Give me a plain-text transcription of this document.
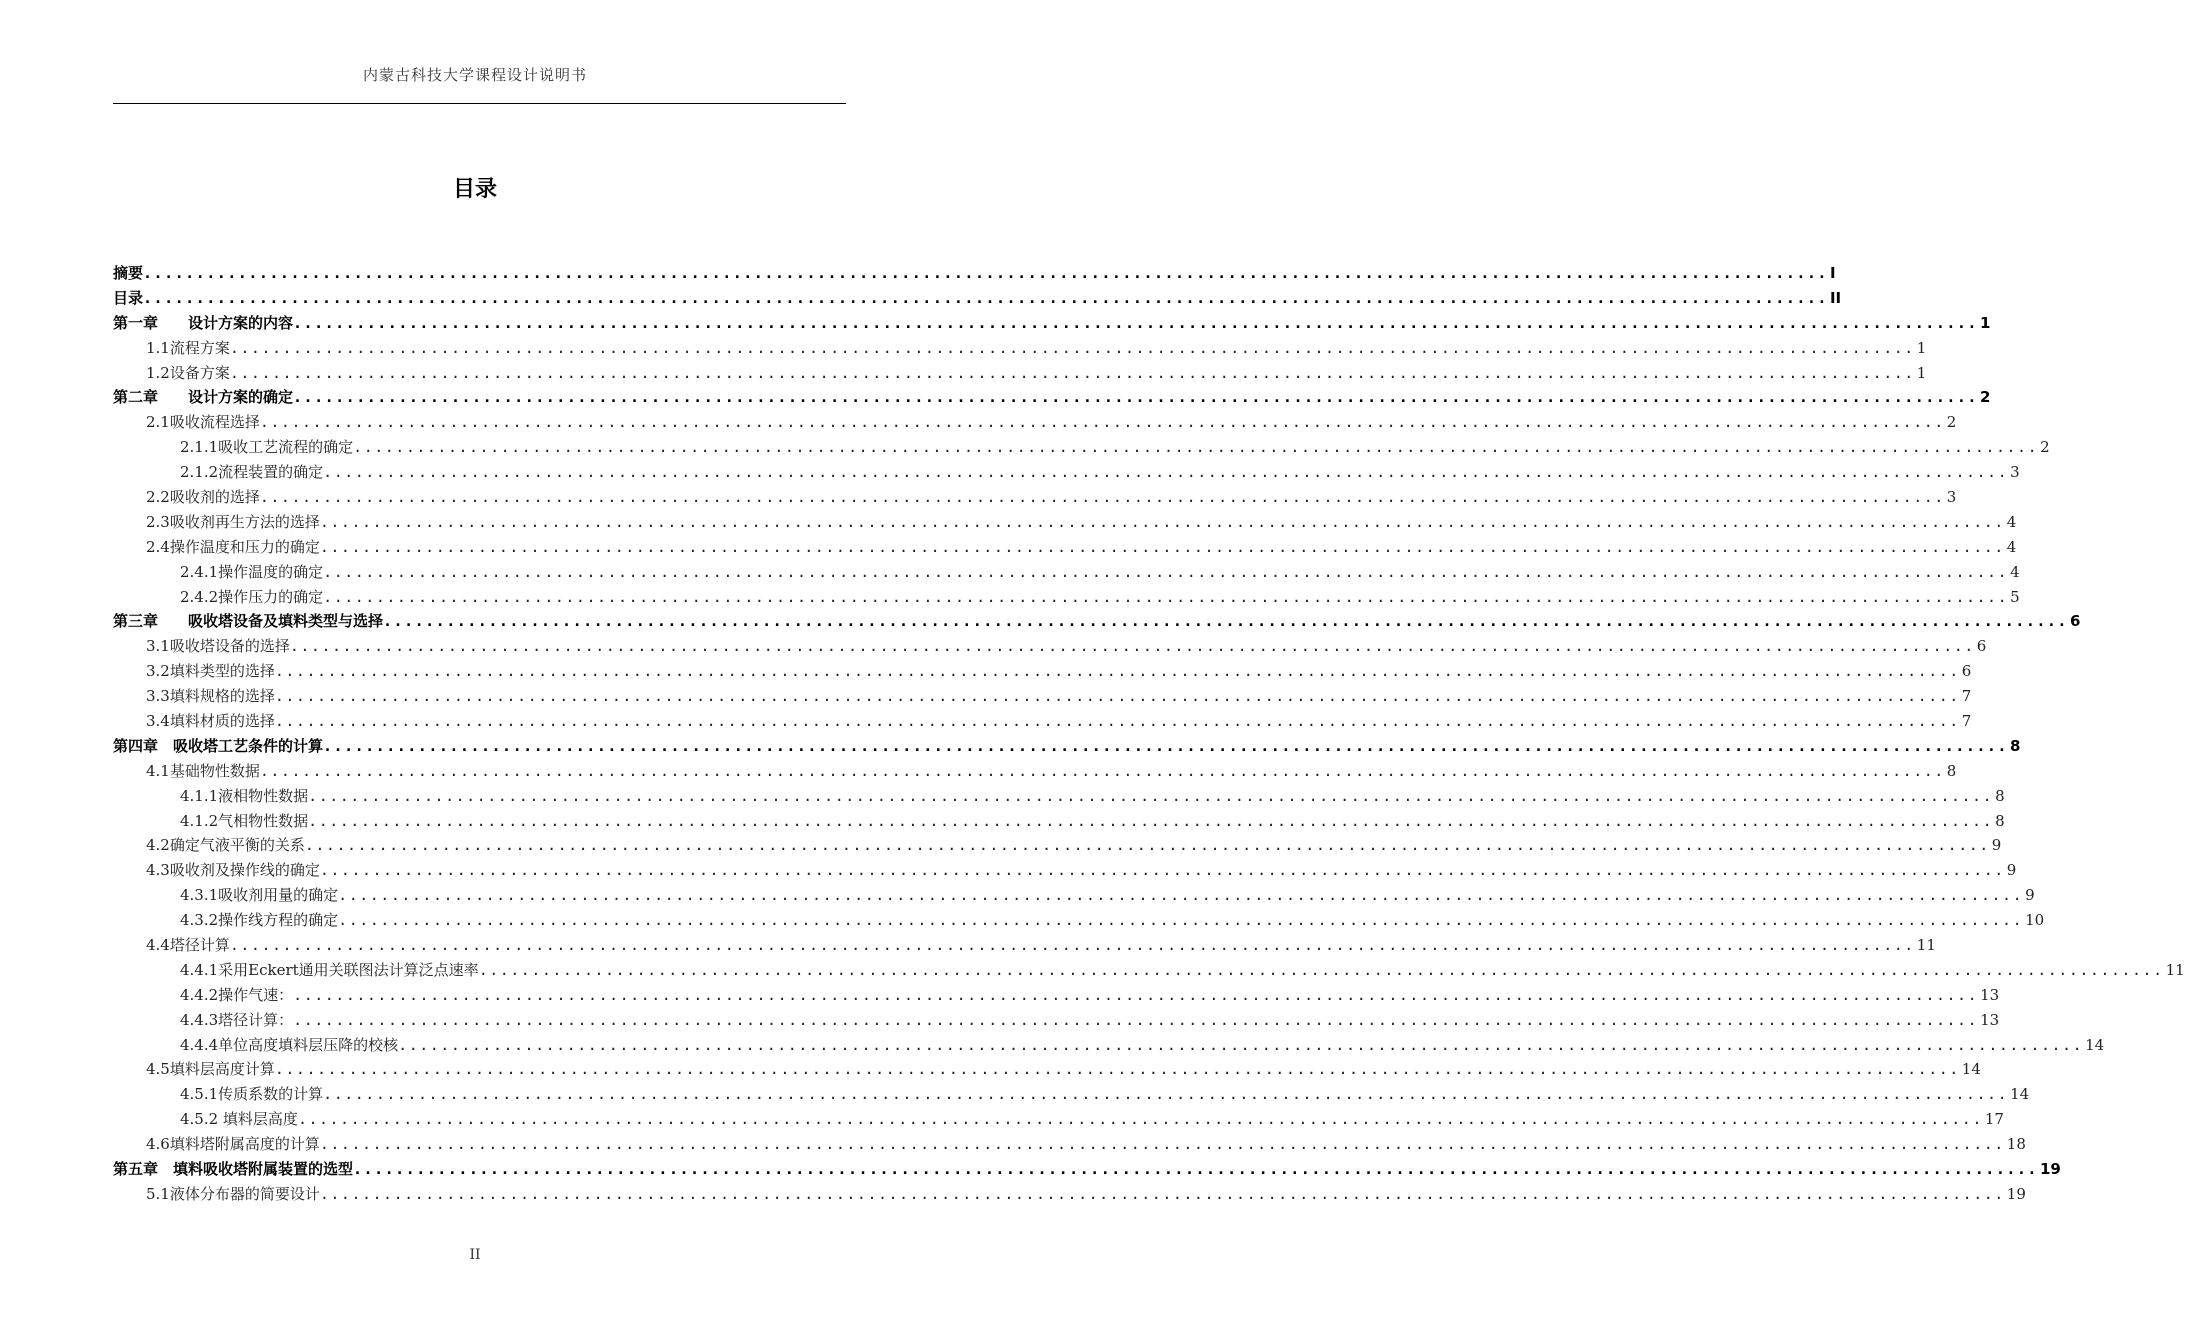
内蒙古科技大学课程设计说明书
目录
摘要 ................................................................................................................................................................ I
目录 ................................................................................................................................................................ II
第一章　　设计方案的内容 ................................................................................................................................................................ 1
1.1流程方案 ................................................................................................................................................................ 1
1.2设备方案 ................................................................................................................................................................ 1
第二章　　设计方案的确定 ................................................................................................................................................................ 2
2.1吸收流程选择 ................................................................................................................................................................ 2
2.1.1吸收工艺流程的确定 ................................................................................................................................................................ 2
2.1.2流程装置的确定 ................................................................................................................................................................ 3
2.2吸收剂的选择 ................................................................................................................................................................ 3
2.3吸收剂再生方法的选择 ................................................................................................................................................................ 4
2.4操作温度和压力的确定 ................................................................................................................................................................ 4
2.4.1操作温度的确定 ................................................................................................................................................................ 4
2.4.2操作压力的确定 ................................................................................................................................................................ 5
第三章　　吸收塔设备及填料类型与选择 ................................................................................................................................................................ 6
3.1吸收塔设备的选择 ................................................................................................................................................................ 6
3.2填料类型的选择 ................................................................................................................................................................ 6
3.3填料规格的选择 ................................................................................................................................................................ 7
3.4填料材质的选择 ................................................................................................................................................................ 7
第四章　吸收塔工艺条件的计算 ................................................................................................................................................................ 8
4.1基础物性数据 ................................................................................................................................................................ 8
4.1.1液相物性数据 ................................................................................................................................................................ 8
4.1.2气相物性数据 ................................................................................................................................................................ 8
4.2确定气液平衡的关系 ................................................................................................................................................................ 9
4.3吸收剂及操作线的确定 ................................................................................................................................................................ 9
4.3.1吸收剂用量的确定 ................................................................................................................................................................ 9
4.3.2操作线方程的确定 ................................................................................................................................................................ 10
4.4塔径计算 ................................................................................................................................................................ 11
4.4.1采用Eckert通用关联图法计算泛点速率 ................................................................................................................................................................ 11
4.4.2操作气速： ................................................................................................................................................................ 13
4.4.3塔径计算： ................................................................................................................................................................ 13
4.4.4单位高度填料层压降的校核 ................................................................................................................................................................ 14
4.5填料层高度计算 ................................................................................................................................................................ 14
4.5.1传质系数的计算 ................................................................................................................................................................ 14
4.5.2 填料层高度 ................................................................................................................................................................ 17
4.6填料塔附属高度的计算 ................................................................................................................................................................ 18
第五章　填料吸收塔附属装置的选型 ................................................................................................................................................................ 19
5.1液体分布器的简要设计 ................................................................................................................................................................ 19
II
